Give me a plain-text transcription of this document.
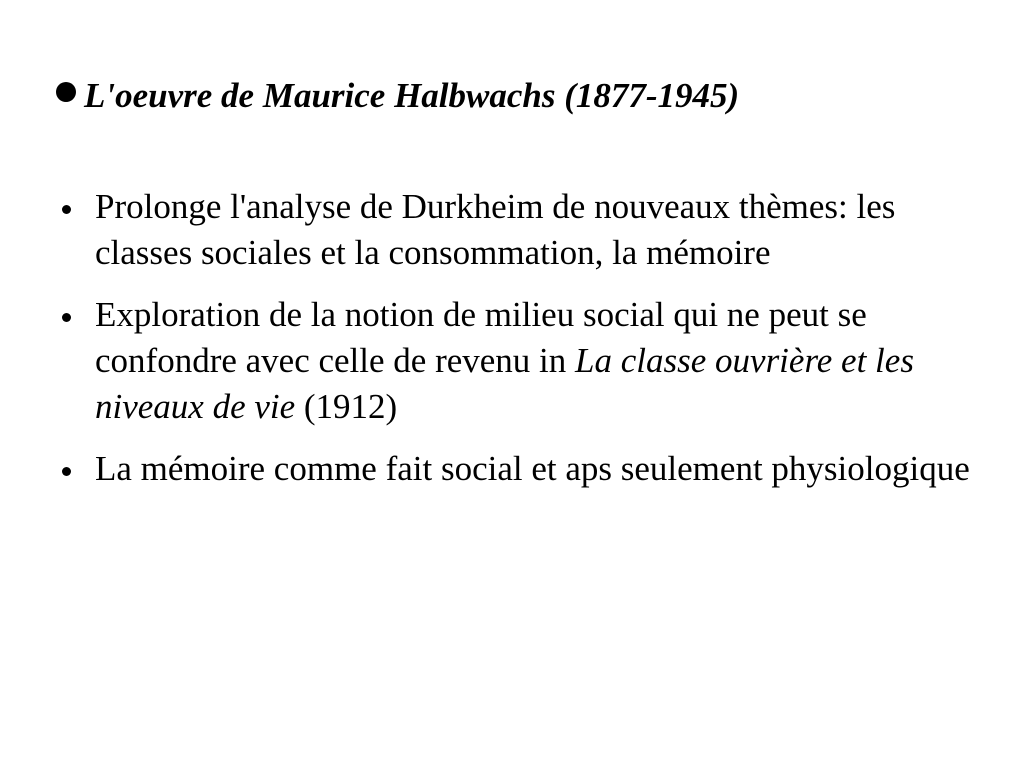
L'oeuvre de Maurice Halbwachs (1877-1945)
Prolonge l'analyse de Durkheim de nouveaux thèmes: les classes sociales et la consommation, la mémoire
Exploration de la notion de milieu social qui ne peut se confondre avec celle de revenu in La classe ouvrière et les niveaux de vie (1912)
La mémoire comme fait social et aps seulement physiologique
